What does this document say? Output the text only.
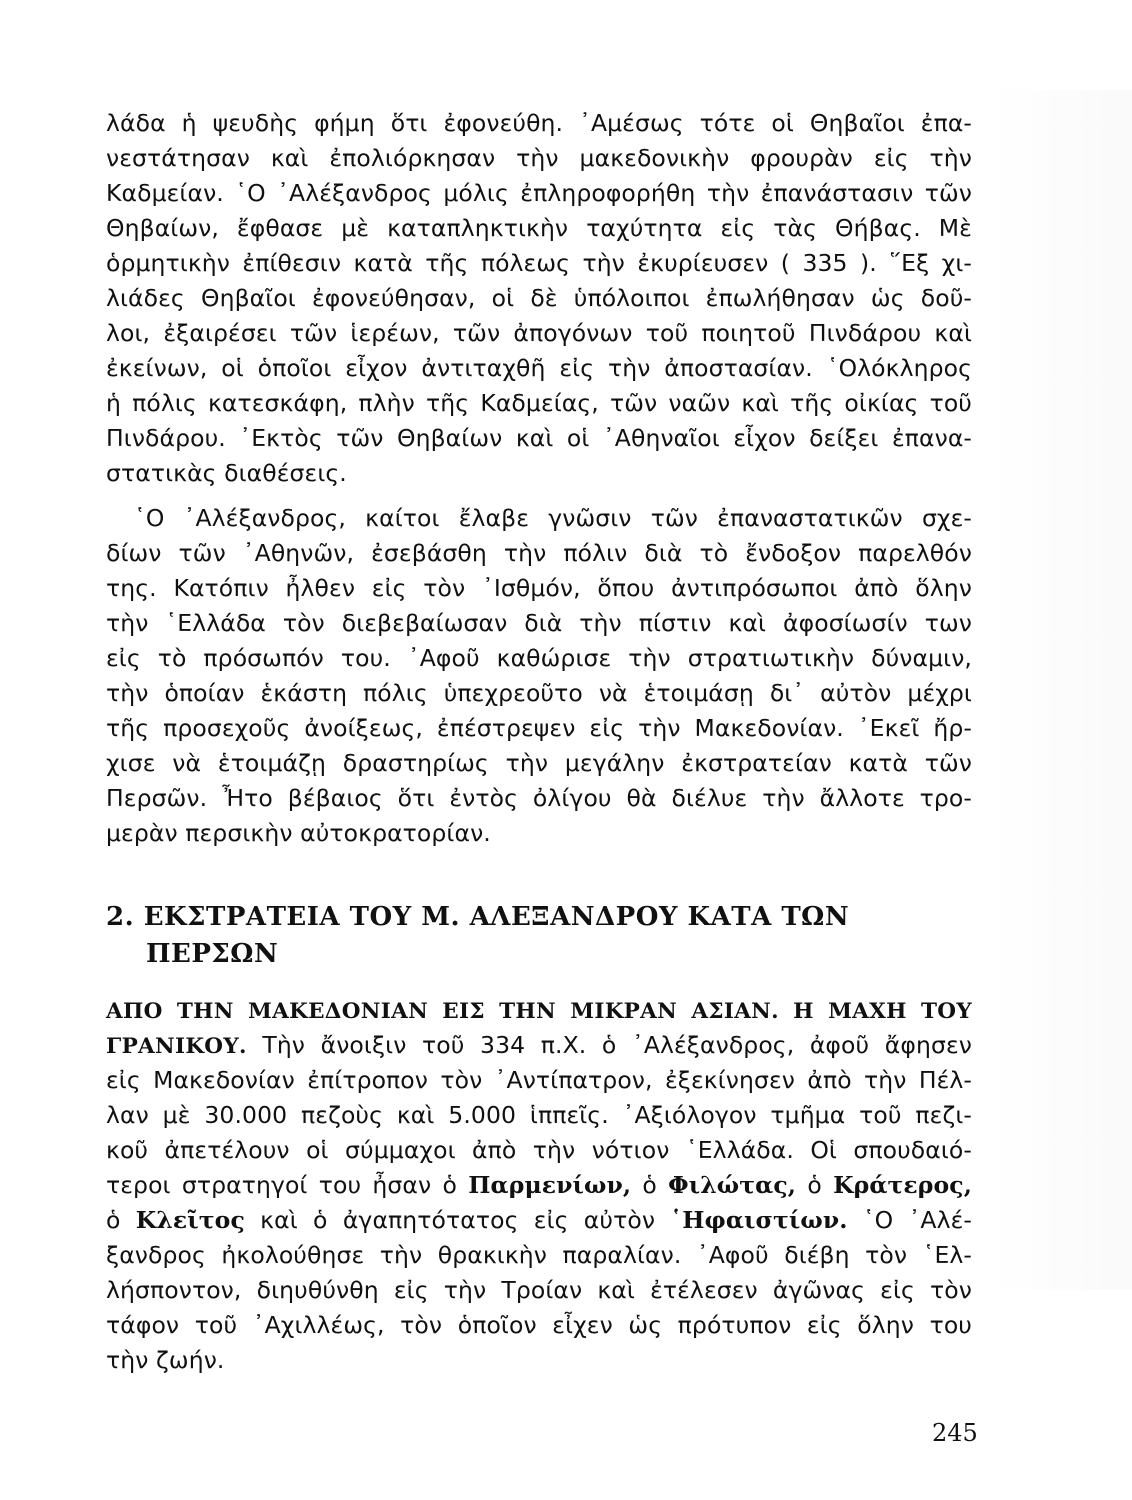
λάδα ἡ ψευδὴς φήμη ὅτι ἐφονεύθη. ᾿Αμέσως τότε οἱ Θηβαῖοι ἐπα-
νεστάτησαν καὶ ἐπολιόρκησαν τὴν μακεδονικὴν φρουρὰν εἰς τὴν
Καδμείαν. ῾Ο ᾿Αλέξανδρος μόλις ἐπληροφορήθη τὴν ἐπανάστασιν τῶν
Θηβαίων, ἔφθασε μὲ καταπληκτικὴν ταχύτητα εἰς τὰς Θήβας. Μὲ
ὁρμητικὴν ἐπίθεσιν κατὰ τῆς πόλεως τὴν ἐκυρίευσεν ( 335 ). ῞Εξ χι-
λιάδες Θηβαῖοι ἐφονεύθησαν, οἱ δὲ ὑπόλοιποι ἐπωλήθησαν ὡς δοῦ-
λοι, ἐξαιρέσει τῶν ἱερέων, τῶν ἀπογόνων τοῦ ποιητοῦ Πινδάρου καὶ
ἐκείνων, οἱ ὁποῖοι εἶχον ἀντιταχθῆ εἰς τὴν ἀποστασίαν. ῾Ολόκληρος
ἡ πόλις κατεσκάφη, πλὴν τῆς Καδμείας, τῶν ναῶν καὶ τῆς οἰκίας τοῦ
Πινδάρου. ᾿Εκτὸς τῶν Θηβαίων καὶ οἱ ᾿Αθηναῖοι εἶχον δείξει ἐπανα-
στατικὰς διαθέσεις.
῾Ο ᾿Αλέξανδρος, καίτοι ἔλαβε γνῶσιν τῶν ἐπαναστατικῶν σχε-
δίων τῶν ᾿Αθηνῶν, ἐσεβάσθη τὴν πόλιν διὰ τὸ ἔνδοξον παρελθόν
της. Κατόπιν ἦλθεν εἰς τὸν ᾿Ισθμόν, ὅπου ἀντιπρόσωποι ἀπὸ ὅλην
τὴν ῾Ελλάδα τὸν διεβεβαίωσαν διὰ τὴν πίστιν καὶ ἀφοσίωσίν των
εἰς τὸ πρόσωπόν του. ᾿Αφοῦ καθώρισε τὴν στρατιωτικὴν δύναμιν,
τὴν ὁποίαν ἑκάστη πόλις ὑπεχρεοῦτο νὰ ἑτοιμάσῃ δι᾿ αὐτὸν μέχρι
τῆς προσεχοῦς ἀνοίξεως, ἐπέστρεψεν εἰς τὴν Μακεδονίαν. ᾿Εκεῖ ἤρ-
χισε νὰ ἑτοιμάζῃ δραστηρίως τὴν μεγάλην ἐκστρατείαν κατὰ τῶν
Περσῶν. Ἦτο βέβαιος ὅτι ἐντὸς ὀλίγου θὰ διέλυε τὴν ἄλλοτε τρο-
μερὰν περσικὴν αὐτοκρατορίαν.
2. ΕΚΣΤΡΑΤΕΙΑ ΤΟΥ Μ. ΑΛΕΞΑΝΔΡΟΥ ΚΑΤΑ ΤΩΝ
ΠΕΡΣΩΝ
ΑΠΟ ΤΗΝ ΜΑΚΕΔΟΝΙΑΝ ΕΙΣ ΤΗΝ ΜΙΚΡΑΝ ΑΣΙΑΝ. Η ΜΑΧΗ ΤΟΥ
ΓΡΑΝΙΚΟΥ. Τὴν ἄνοιξιν τοῦ 334 π.Χ. ὁ ᾿Αλέξανδρος, ἀφοῦ ἄφησεν
εἰς Μακεδονίαν ἐπίτροπον τὸν ᾿Αντίπατρον, ἐξεκίνησεν ἀπὸ τὴν Πέλ-
λαν μὲ 30.000 πεζοὺς καὶ 5.000 ἱππεῖς. ᾿Αξιόλογον τμῆμα τοῦ πεζι-
κοῦ ἀπετέλουν οἱ σύμμαχοι ἀπὸ τὴν νότιον ῾Ελλάδα. Οἱ σπουδαιό-
τεροι στρατηγοί του ἦσαν ὁ Παρμενίων, ὁ Φιλώτας, ὁ Κράτερος,
ὁ Κλεῖτος καὶ ὁ ἀγαπητότατος εἰς αὐτὸν ῾Ηφαιστίων. ῾Ο ᾿Αλέ-
ξανδρος ἠκολούθησε τὴν θρακικὴν παραλίαν. ᾿Αφοῦ διέβη τὸν ῾Ελ-
λήσποντον, διηυθύνθη εἰς τὴν Τροίαν καὶ ἐτέλεσεν ἀγῶνας εἰς τὸν
τάφον τοῦ ᾿Αχιλλέως, τὸν ὁποῖον εἶχεν ὡς πρότυπον εἰς ὅλην του
τὴν ζωήν.
245
